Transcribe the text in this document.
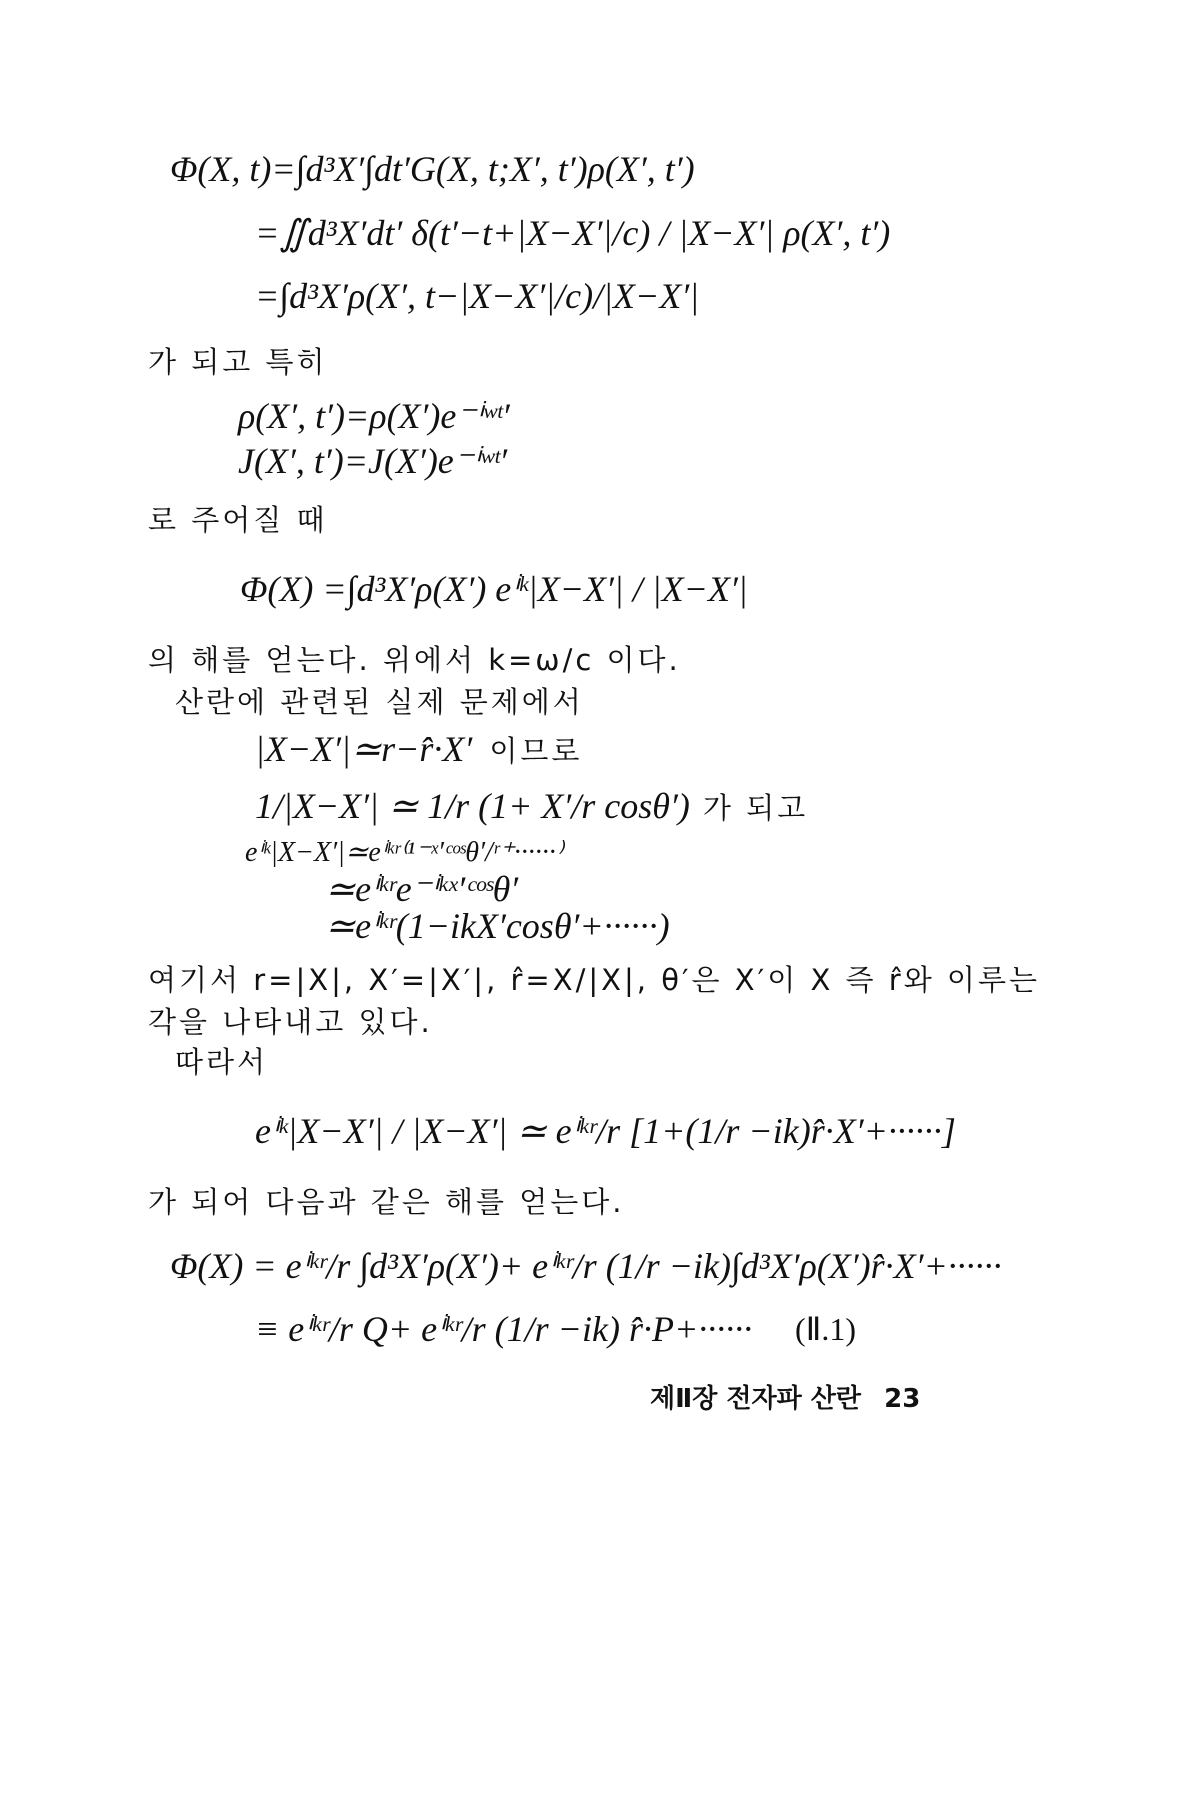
Φ(X, t)=∫d³X′∫dt′G(X, t;X′, t′)ρ(X′, t′)
=∬d³X′dt′ δ(t′−t+|X−X′|/c) / |X−X′| ρ(X′, t′)
=∫d³X′ρ(X′, t−|X−X′|/c)/|X−X′|
가 되고 특히
ρ(X′, t′)=ρ(X′)e⁻ⁱʷᵗ′
J(X′, t′)=J(X′)e⁻ⁱʷᵗ′
로 주어질 때
Φ(X) =∫d³X′ρ(X′) eⁱᵏ|X−X′| / |X−X′|
의 해를 얻는다. 위에서 k=ω/c 이다.
산란에 관련된 실제 문제에서
|X−X′|≃r−r̂·X′ 이므로
1/|X−X′| ≃ 1/r (1+ X′/r cosθ′) 가 되고
eⁱᵏ|X−X′|≃eⁱᵏʳ⁽¹⁻ˣ′ᶜᵒˢθ′/ʳ⁺······⁾
≃eⁱᵏʳe⁻ⁱᵏˣ′ᶜᵒˢθ′
≃eⁱᵏʳ(1−ikX′cosθ′+······)
여기서 r=|X|, X′=|X′|, r̂=X/|X|, θ′은 X′이 X 즉 r̂와 이루는
각을 나타내고 있다.
따라서
eⁱᵏ|X−X′| / |X−X′| ≃ eⁱᵏʳ/r [1+(1/r −ik)r̂·X′+······]
가 되어 다음과 같은 해를 얻는다.
Φ(X) = eⁱᵏʳ/r ∫d³X′ρ(X′)+ eⁱᵏʳ/r (1/r −ik)∫d³X′ρ(X′)r̂·X′+······
≡ eⁱᵏʳ/r Q+ eⁱᵏʳ/r (1/r −ik) r̂·P+······ (Ⅱ.1)
제Ⅱ장 전자파 산란 23
